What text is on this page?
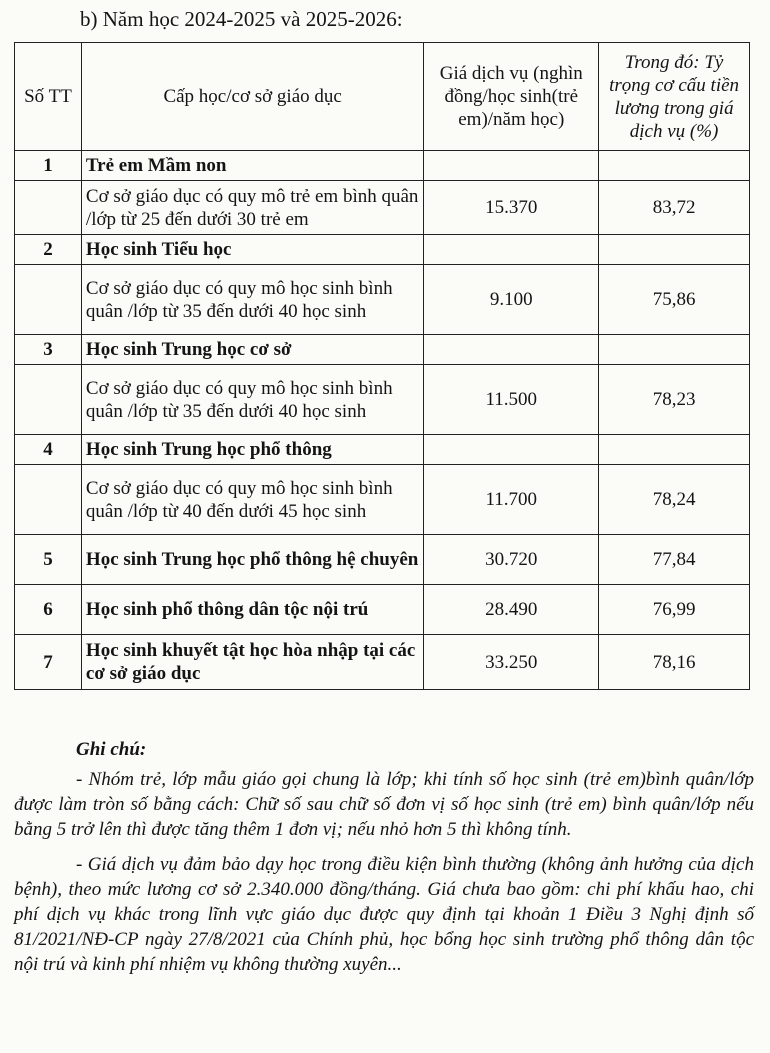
b) Năm học 2024-2025 và 2025-2026:
Số TT	Cấp học/cơ sở giáo dục	Giá dịch vụ (nghìn đồng/học sinh(trẻ em)/năm học)	Trong đó: Tỷ trọng cơ cấu tiền lương trong giá dịch vụ (%)
1	Trẻ em Mầm non		
	Cơ sở giáo dục có quy mô trẻ em bình quân /lớp từ 25 đến dưới 30 trẻ em	15.370	83,72
2	Học sinh Tiểu học		
	Cơ sở giáo dục có quy mô học sinh bình quân /lớp từ 35 đến dưới 40 học sinh	9.100	75,86
3	Học sinh Trung học cơ sở		
	Cơ sở giáo dục có quy mô học sinh bình quân /lớp từ 35 đến dưới 40 học sinh	11.500	78,23
4	Học sinh Trung học phổ thông		
	Cơ sở giáo dục có quy mô học sinh bình quân /lớp từ 40 đến dưới 45 học sinh	11.700	78,24
5	Học sinh Trung học phổ thông hệ chuyên	30.720	77,84
6	Học sinh phổ thông dân tộc nội trú	28.490	76,99
7	Học sinh khuyết tật học hòa nhập tại các cơ sở giáo dục	33.250	78,16
Ghi chú:

- Nhóm trẻ, lớp mẫu giáo gọi chung là lớp; khi tính số học sinh (trẻ em)bình quân/lớp được làm tròn số bằng cách: Chữ số sau chữ số đơn vị số học sinh (trẻ em) bình quân/lớp nếu bằng 5 trở lên thì được tăng thêm 1 đơn vị; nếu nhỏ hơn 5 thì không tính.

- Giá dịch vụ đảm bảo dạy học trong điều kiện bình thường (không ảnh hưởng của dịch bệnh), theo mức lương cơ sở 2.340.000 đồng/tháng. Giá chưa bao gồm: chi phí khấu hao, chi phí dịch vụ khác trong lĩnh vực giáo dục được quy định tại khoản 1 Điều 3 Nghị định số 81/2021/NĐ-CP ngày 27/8/2021 của Chính phủ, học bổng học sinh trường phổ thông dân tộc nội trú và kinh phí nhiệm vụ không thường xuyên...
